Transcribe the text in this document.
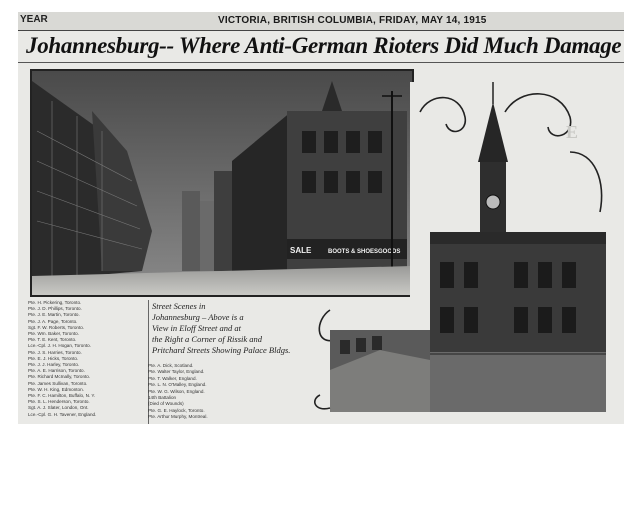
YEAR	VICTORIA, BRITISH COLUMBIA, FRIDAY, MAY 14, 1915
Johannesburg-- Where Anti-German Rioters Did Much Damage
SALE	BOOTS & SHOES GOODS
E
Street Scenes in
Johannesburg – Above is a
View in Eloff Street and at
the Right a Corner of Rissik and
Pritchard Streets Showing Palace Bldgs.
Pte. H. Pickering, Toronto.
Pte. J. D. Phillips, Toronto.
Pte. J. E. Martin, Toronto.
Pte. J. A. Page, Toronto.
Sgt. F. W. Roberts, Toronto.
Pte. Wm. Baker, Toronto.
Pte. T. E. Kent, Toronto.
Lce.-Cpl. J. H. Hogan, Toronto.
Pte. J. S. Harries, Toronto.
Pte. E. J. Hicks, Toronto.
Pte. J. J. Harley, Toronto.
Pte. A. E. Harrison, Toronto.
Pte. Richard McInally, Toronto.
Pte. James Sullivan, Toronto.
Pte. W. H. King, Edmonton.
Pte. F. C. Hamilton, Buffalo, N. Y.
Pte. S. L. Henderson, Toronto.
Sgt. A. J. Slater, London, Ont.
Lce.-Cpl. G. H. Tavener, England.
Pte. A. Dick, Scotland.
Pte. Walter Taylor, England.
Pte. T. Walker, England.
Pte. L. N. O'Malley, England.
Pte. W. G. Wilson, England.
14th Battalion
(Died of Wounds)
Pte. G. E. Haylock, Toronto.
Pte. Arthur Murphy, Montreal.
